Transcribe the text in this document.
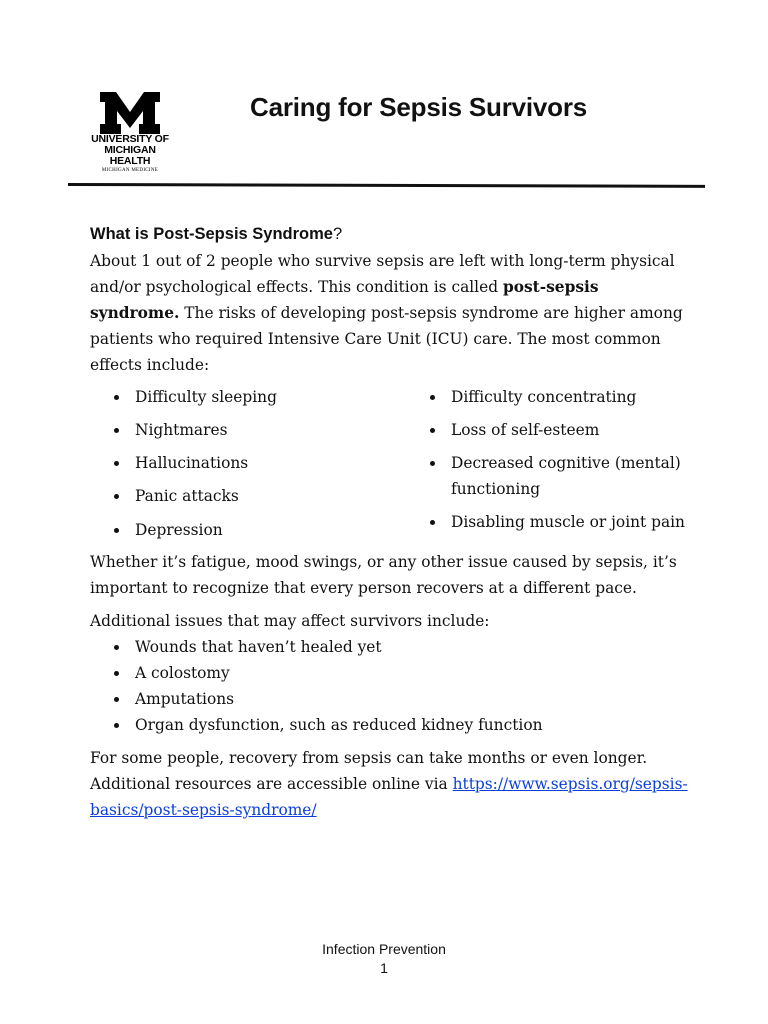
UNIVERSITY OF
MICHIGAN HEALTH
MICHIGAN MEDICINE
Caring for Sepsis Survivors

What is Post-Sepsis Syndrome?

About 1 out of 2 people who survive sepsis are left with long-term physical and/or psychological effects. This condition is called post-sepsis syndrome. The risks of developing post-sepsis syndrome are higher among patients who required Intensive Care Unit (ICU) care. The most common effects include:

Difficulty sleeping
Nightmares
Hallucinations
Panic attacks
Depression
Difficulty concentrating
Loss of self-esteem
Decreased cognitive (mental) functioning
Disabling muscle or joint pain

Whether it’s fatigue, mood swings, or any other issue caused by sepsis, it’s important to recognize that every person recovers at a different pace.

Additional issues that may affect survivors include:

Wounds that haven’t healed yet
A colostomy
Amputations
Organ dysfunction, such as reduced kidney function

For some people, recovery from sepsis can take months or even longer. Additional resources are accessible online via https://www.sepsis.org/sepsis-basics/post-sepsis-syndrome/

Infection Prevention
1
